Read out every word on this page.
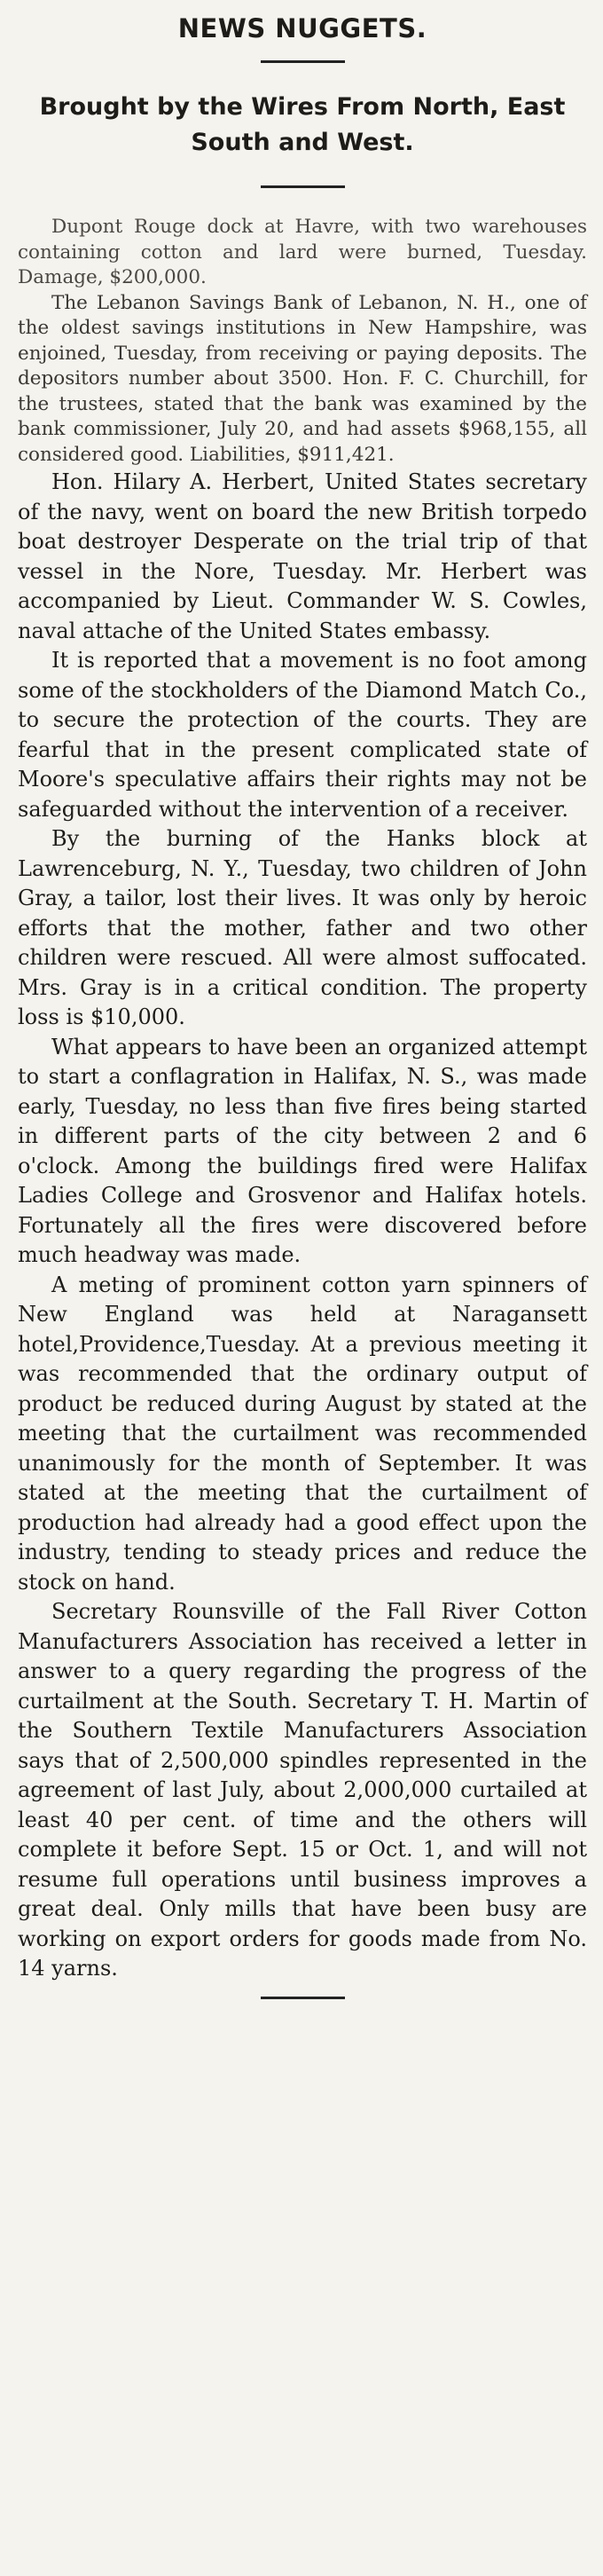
NEWS NUGGETS.
Brought by the Wires From North, East South and West.

Dupont Rouge dock at Havre, with two warehouses containing cotton and lard were burned, Tuesday. Damage, $200,000.

The Lebanon Savings Bank of Lebanon, N. H., one of the oldest savings institutions in New Hampshire, was enjoined, Tuesday, from receiving or paying deposits. The depositors number about 3500. Hon. F. C. Churchill, for the trustees, stated that the bank was examined by the bank commissioner, July 20, and had assets $968,155, all considered good. Liabilities, $911,421.

Hon. Hilary A. Herbert, United States secretary of the navy, went on board the new British torpedo boat destroyer Desperate on the trial trip of that vessel in the Nore, Tuesday. Mr. Herbert was accompanied by Lieut. Commander W. S. Cowles, naval attache of the United States embassy.

It is reported that a movement is no foot among some of the stockholders of the Diamond Match Co., to secure the protection of the courts. They are fearful that in the present complicated state of Moore's speculative affairs their rights may not be safeguarded without the intervention of a receiver.

By the burning of the Hanks block at Lawrenceburg, N. Y., Tuesday, two children of John Gray, a tailor, lost their lives. It was only by heroic efforts that the mother, father and two other children were rescued. All were almost suffocated. Mrs. Gray is in a critical condition. The property loss is $10,000.

What appears to have been an organized attempt to start a conflagration in Halifax, N. S., was made early, Tuesday, no less than five fires being started in different parts of the city between 2 and 6 o'clock. Among the buildings fired were Halifax Ladies College and Grosvenor and Halifax hotels. Fortunately all the fires were discovered before much headway was made.

A meting of prominent cotton yarn spinners of New England was held at Naragansett hotel,Providence,Tuesday. At a previous meeting it was recommended that the ordinary output of product be reduced during August by stated at the meeting that the curtailment was recommended unanimously for the month of September. It was stated at the meeting that the curtailment of production had already had a good effect upon the industry, tending to steady prices and reduce the stock on hand.

Secretary Rounsville of the Fall River Cotton Manufacturers Association has received a letter in answer to a query regarding the progress of the curtailment at the South. Secretary T. H. Martin of the Southern Textile Manufacturers Association says that of 2,500,000 spindles represented in the agreement of last July, about 2,000,000 curtailed at least 40 per cent. of time and the others will complete it before Sept. 15 or Oct. 1, and will not resume full operations until business improves a great deal. Only mills that have been busy are working on export orders for goods made from No. 14 yarns.
